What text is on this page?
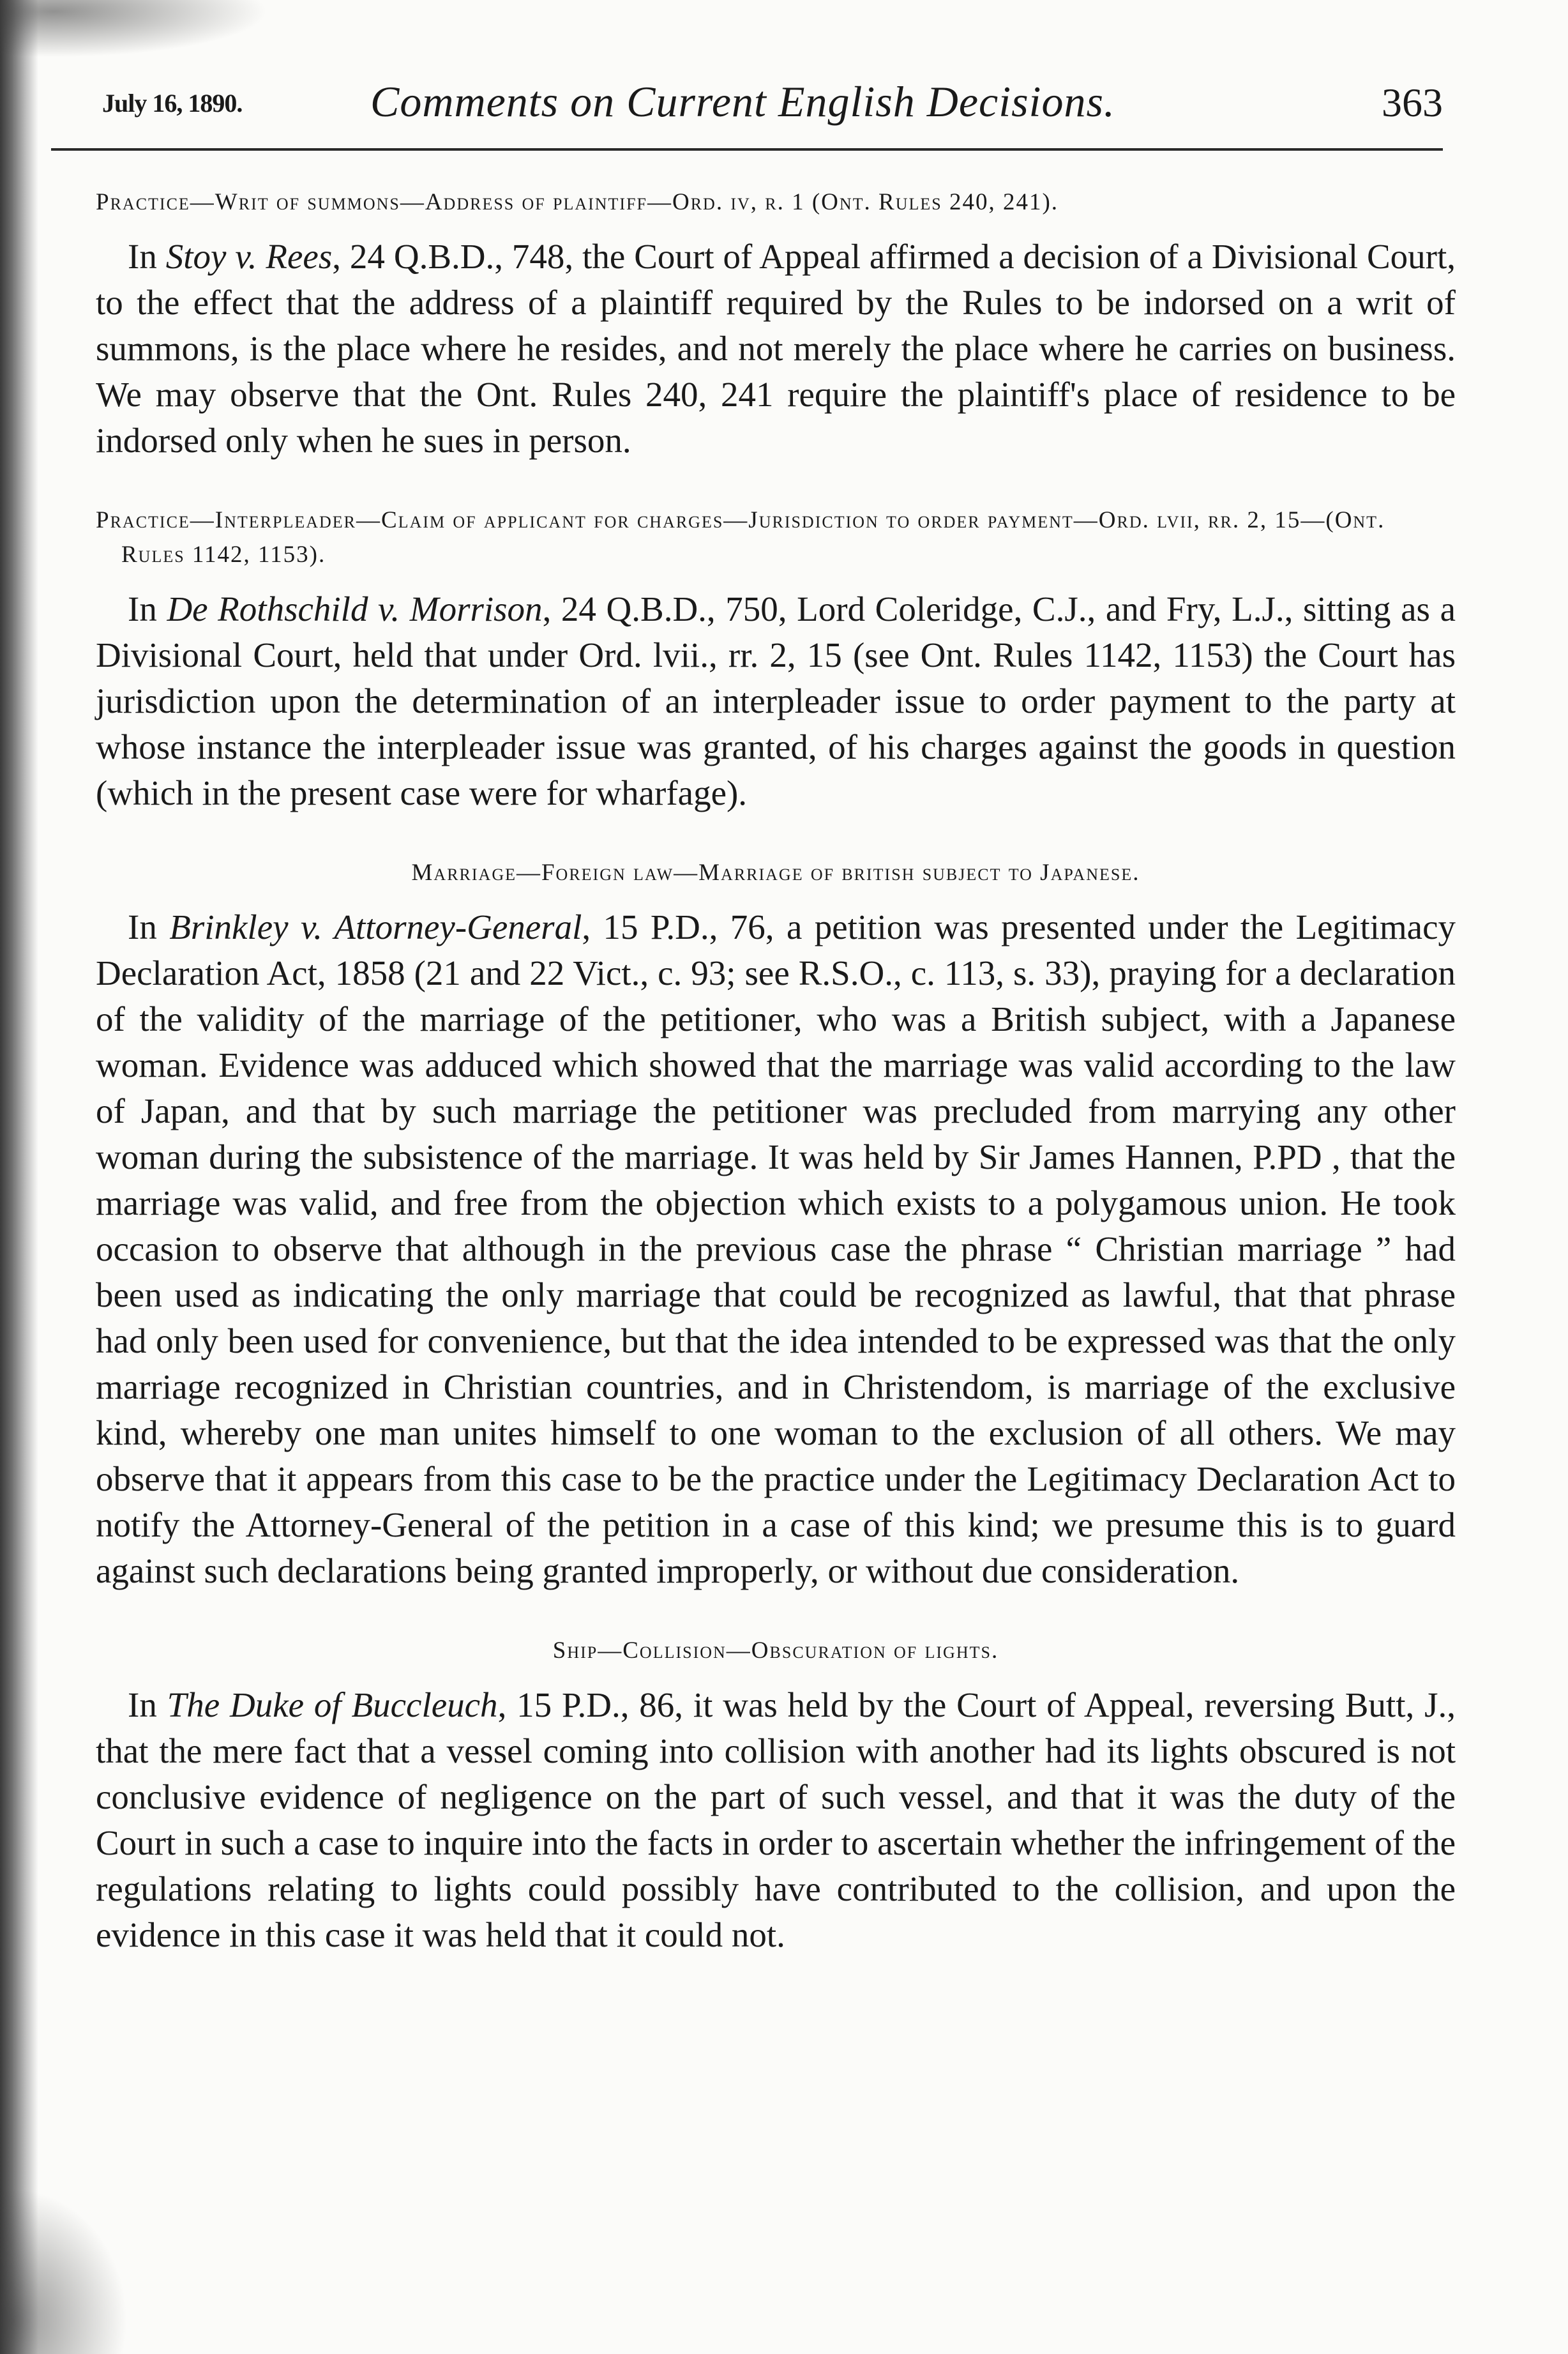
July 16, 1890.	Comments on Current English Decisions.	363

Practice—Writ of summons—Address of plaintiff—Ord. iv, r. 1 (Ont. Rules 240, 241).

In Stoy v. Rees, 24 Q.B.D., 748, the Court of Appeal affirmed a decision of a Divisional Court, to the effect that the address of a plaintiff required by the Rules to be indorsed on a writ of summons, is the place where he resides, and not merely the place where he carries on business. We may observe that the Ont. Rules 240, 241 require the plaintiff's place of residence to be indorsed only when he sues in person.

Practice—Interpleader—Claim of applicant for charges—Jurisdiction to order payment—Ord. lvii, rr. 2, 15—(Ont. Rules 1142, 1153).

In De Rothschild v. Morrison, 24 Q.B.D., 750, Lord Coleridge, C.J., and Fry, L.J., sitting as a Divisional Court, held that under Ord. lvii., rr. 2, 15 (see Ont. Rules 1142, 1153) the Court has jurisdiction upon the determination of an interpleader issue to order payment to the party at whose instance the interpleader issue was granted, of his charges against the goods in question (which in the present case were for wharfage).

Marriage—Foreign law—Marriage of british subject to Japanese.

In Brinkley v. Attorney-General, 15 P.D., 76, a petition was presented under the Legitimacy Declaration Act, 1858 (21 and 22 Vict., c. 93; see R.S.O., c. 113, s. 33), praying for a declaration of the validity of the marriage of the petitioner, who was a British subject, with a Japanese woman. Evidence was adduced which showed that the marriage was valid according to the law of Japan, and that by such marriage the petitioner was precluded from marrying any other woman during the subsistence of the marriage. It was held by Sir James Hannen, P.PD , that the marriage was valid, and free from the objection which exists to a polygamous union. He took occasion to observe that although in the previous case the phrase “ Christian marriage ” had been used as indicating the only marriage that could be recognized as lawful, that that phrase had only been used for convenience, but that the idea intended to be expressed was that the only marriage recognized in Christian countries, and in Christendom, is marriage of the exclusive kind, whereby one man unites himself to one woman to the exclusion of all others. We may observe that it appears from this case to be the practice under the Legitimacy Declaration Act to notify the Attorney-General of the petition in a case of this kind; we presume this is to guard against such declarations being granted improperly, or without due consideration.

Ship—Collision—Obscuration of lights.

In The Duke of Buccleuch, 15 P.D., 86, it was held by the Court of Appeal, reversing Butt, J., that the mere fact that a vessel coming into collision with another had its lights obscured is not conclusive evidence of negligence on the part of such vessel, and that it was the duty of the Court in such a case to inquire into the facts in order to ascertain whether the infringement of the regulations relating to lights could possibly have contributed to the collision, and upon the evidence in this case it was held that it could not.
